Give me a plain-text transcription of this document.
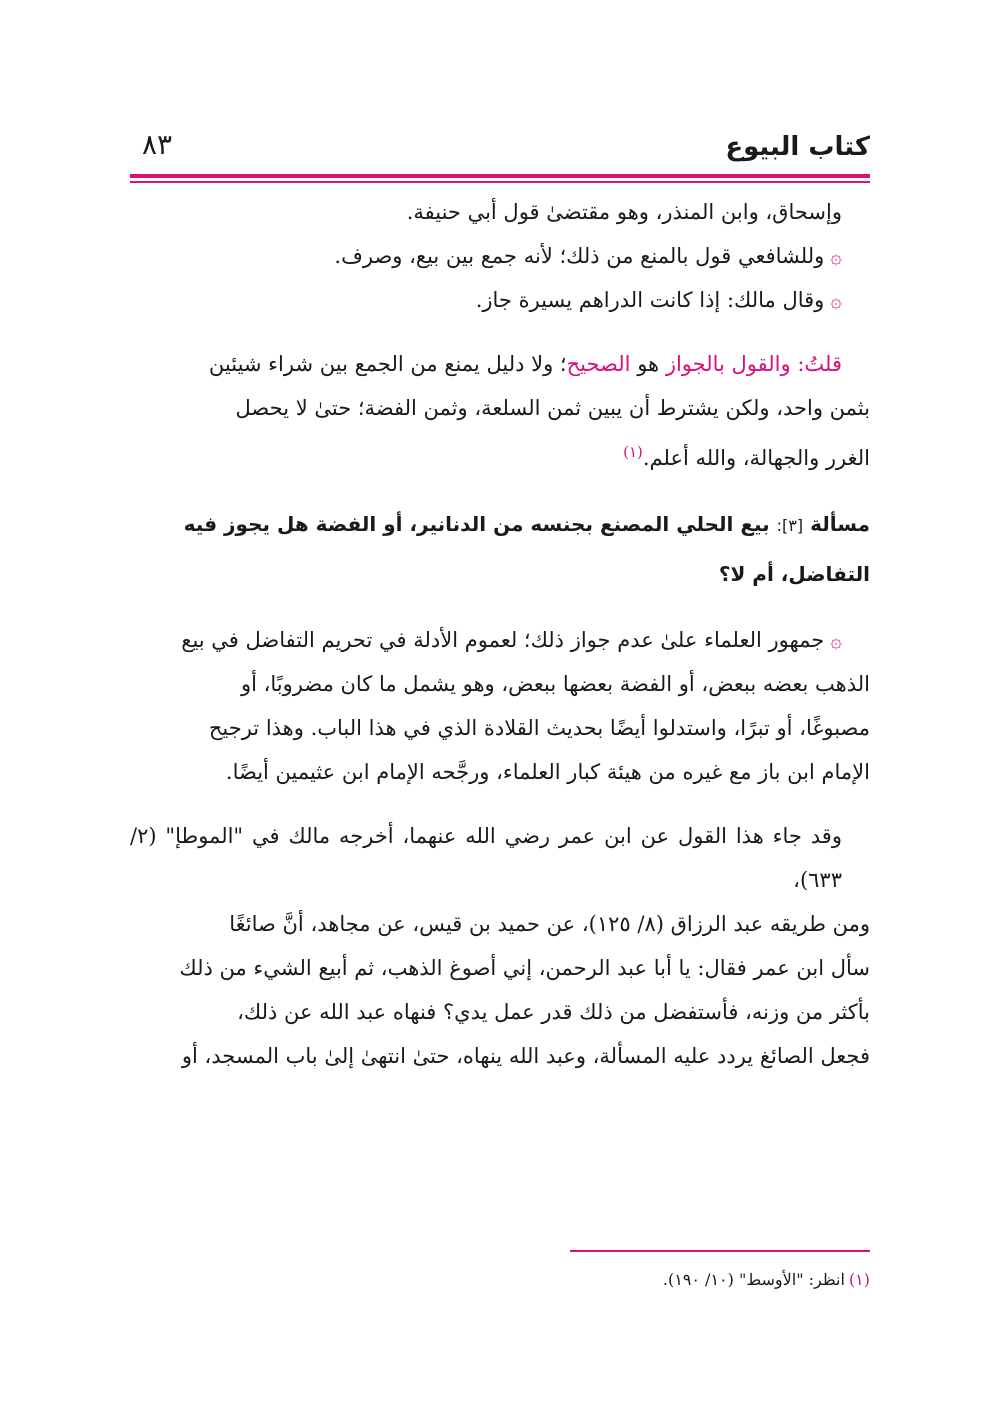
كتاب البيوع
٨٣

وإسحاق، وابن المنذر، وهو مقتضىٰ قول أبي حنيفة.

۞وللشافعي قول بالمنع من ذلك؛ لأنه جمع بين بيع، وصرف.

۞وقال مالك: إذا كانت الدراهم يسيرة جاز.

قلتُ: والقول بالجواز هو الصحيح؛ ولا دليل يمنع من الجمع بين شراء شيئين

بثمن واحد، ولكن يشترط أن يبين ثمن السلعة، وثمن الفضة؛ حتىٰ لا يحصل

الغرر والجهالة، والله أعلم.$^{(١)}$

مسألة [٣]: بيع الحلي المصنع بجنسه من الدنانير، أو الفضة هل يجوز فيه

التفاضل، أم لا؟

۞جمهور العلماء علىٰ عدم جواز ذلك؛ لعموم الأدلة في تحريم التفاضل في بيع

الذهب بعضه ببعض، أو الفضة بعضها ببعض، وهو يشمل ما كان مضروبًا، أو

مصبوغًا، أو تبرًا، واستدلوا أيضًا بحديث القلادة الذي في هذا الباب. وهذا ترجيح

الإمام ابن باز مع غيره من هيئة كبار العلماء، ورجَّحه الإمام ابن عثيمين أيضًا.

وقد جاء هذا القول عن ابن عمر رضي الله عنهما، أخرجه مالك في "الموطإ" (٢/ ٦٣٣)،

ومن طريقه عبد الرزاق (٨/ ١٢٥)، عن حميد بن قيس، عن مجاهد، أنَّ صائغًا

سأل ابن عمر فقال: يا أبا عبد الرحمن، إني أصوغ الذهب، ثم أبيع الشيء من ذلك

بأكثر من وزنه، فأستفضل من ذلك قدر عمل يدي؟ فنهاه عبد الله عن ذلك،

فجعل الصائغ يردد عليه المسألة، وعبد الله ينهاه، حتىٰ انتهىٰ إلىٰ باب المسجد، أو

(١)انظر: "الأوسط" (١٠/ ١٩٠).
